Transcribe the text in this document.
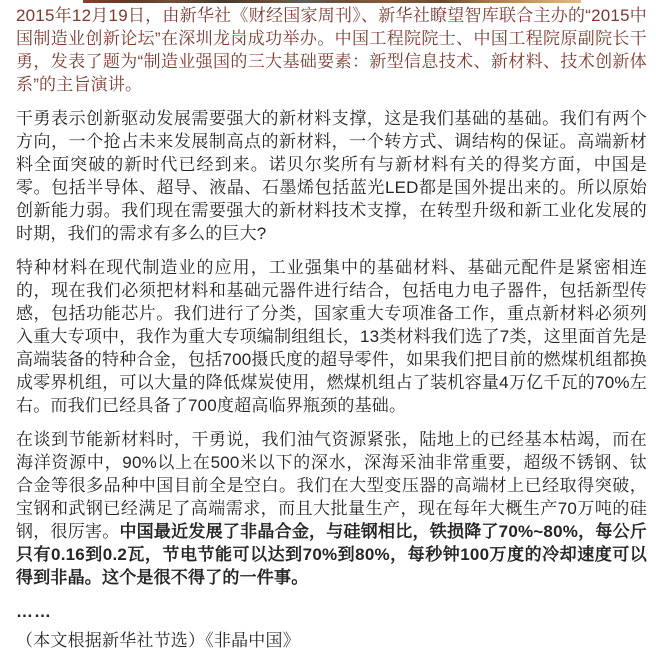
2015年12月19日，由新华社《财经国家周刊》、新华社瞭望智库联合主办的“2015中国制造业创新论坛”在深圳龙岗成功举办。中国工程院院士、中国工程院原副院长干勇，发表了题为“制造业强国的三大基础要素：新型信息技术、新材料、技术创新体系”的主旨演讲。

干勇表示创新驱动发展需要强大的新材料支撑，这是我们基础的基础。我们有两个方向，一个抢占未来发展制高点的新材料，一个转方式、调结构的保证。高端新材料全面突破的新时代已经到来。诺贝尔奖所有与新材料有关的得奖方面，中国是零。包括半导体、超导、液晶、石墨烯包括蓝光LED都是国外提出来的。所以原始创新能力弱。我们现在需要强大的新材料技术支撑，在转型升级和新工业化发展的时期，我们的需求有多么的巨大?

特种材料在现代制造业的应用，工业强集中的基础材料、基础元配件是紧密相连的，现在我们必须把材料和基础元器件进行结合，包括电力电子器件，包括新型传感，包括功能芯片。我们进行了分类，国家重大专项准备工作，重点新材料必须列入重大专项中，我作为重大专项编制组组长，13类材料我们选了7类，这里面首先是高端装备的特种合金，包括700摄氏度的超导零件，如果我们把目前的燃煤机组都换成零界机组，可以大量的降低煤炭使用，燃煤机组占了装机容量4万亿千瓦的70%左右。而我们已经具备了700度超高临界瓶颈的基础。

在谈到节能新材料时，干勇说，我们油气资源紧张，陆地上的已经基本枯竭，而在海洋资源中，90%以上在500米以下的深水，深海采油非常重要，超级不锈钢、钛合金等很多品种中国目前全是空白。我们在大型变压器的高端材上已经取得突破，宝钢和武钢已经满足了高端需求，而且大批量生产，现在每年大概生产70万吨的硅钢，很厉害。中国最近发展了非晶合金，与硅钢相比，铁损降了70%~80%，每公斤只有0.16到0.2瓦，节电节能可以达到70%到80%，每秒钟100万度的冷却速度可以得到非晶。这个是很不得了的一件事。

……

（本文根据新华社节选）《非晶中国》
